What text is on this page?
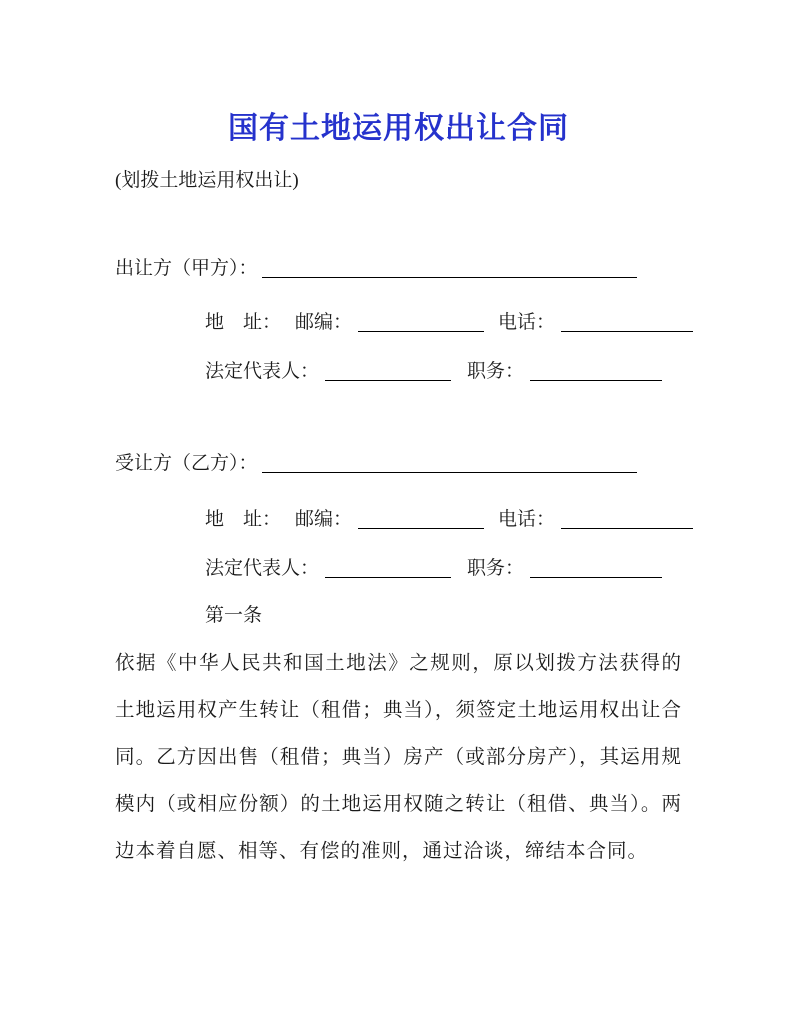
国有土地运用权出让合同
(划拨土地运用权出让)
出让方（甲方）：
地　址： 邮编：	电话：
法定代表人：	职务：
受让方（乙方）：
地　址： 邮编：	电话：
法定代表人：	职务：
第一条

依据《中华人民共和国土地法》之规则，原以划拨方法获得的土地运用权产生转让（租借；典当），须签定土地运用权出让合同。乙方因出售（租借；典当）房产（或部分房产），其运用规模内（或相应份额）的土地运用权随之转让（租借、典当）。两边本着自愿、相等、有偿的准则，通过洽谈，缔结本合同。
